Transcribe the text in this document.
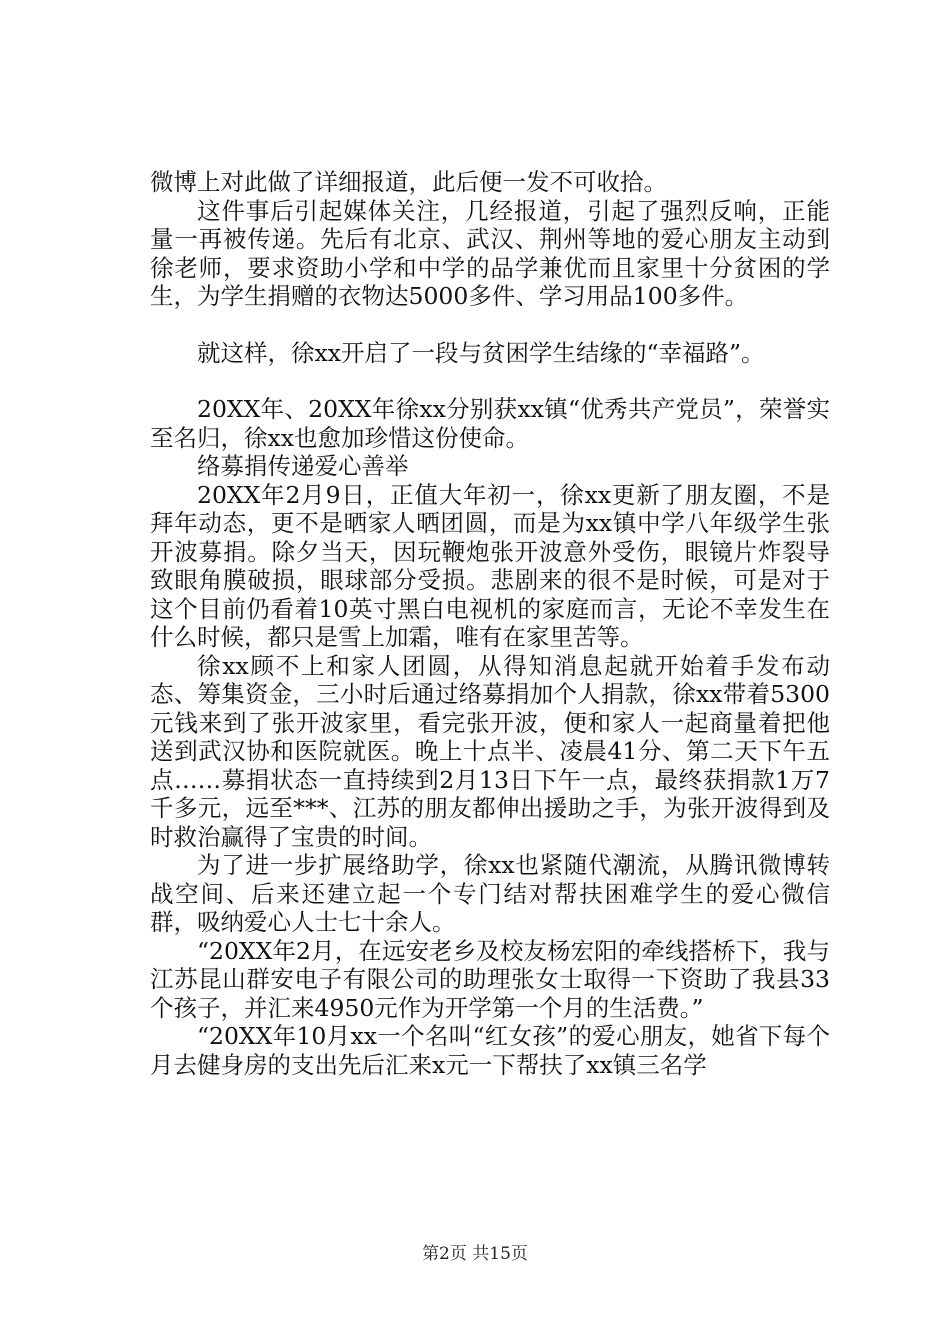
微博上对此做了详细报道，此后便一发不可收拾。

这件事后引起媒体关注，几经报道，引起了强烈反响，正能量一再被传递。先后有北京、武汉、荆州等地的爱心朋友主动到徐老师，要求资助小学和中学的品学兼优而且家里十分贫困的学生，为学生捐赠的衣物达5000多件、学习用品100多件。

就这样，徐xx开启了一段与贫困学生结缘的“幸福路”。

20XX年、20XX年徐xx分别获xx镇“优秀共产党员”，荣誉实至名归，徐xx也愈加珍惜这份使命。

络募捐传递爱心善举

20XX年2月9日，正值大年初一，徐xx更新了朋友圈，不是拜年动态，更不是晒家人晒团圆，而是为xx镇中学八年级学生张开波募捐。除夕当天，因玩鞭炮张开波意外受伤，眼镜片炸裂导致眼角膜破损，眼球部分受损。悲剧来的很不是时候，可是对于这个目前仍看着10英寸黑白电视机的家庭而言，无论不幸发生在什么时候，都只是雪上加霜，唯有在家里苦等。

徐xx顾不上和家人团圆，从得知消息起就开始着手发布动态、筹集资金，三小时后通过络募捐加个人捐款，徐xx带着5300元钱来到了张开波家里，看完张开波，便和家人一起商量着把他送到武汉协和医院就医。晚上十点半、凌晨41分、第二天下午五点……募捐状态一直持续到2月13日下午一点，最终获捐款1万7千多元，远至***、江苏的朋友都伸出援助之手，为张开波得到及时救治赢得了宝贵的时间。

为了进一步扩展络助学，徐xx也紧随代潮流，从腾讯微博转战空间、后来还建立起一个专门结对帮扶困难学生的爱心微信群，吸纳爱心人士七十余人。

“20XX年2月，在远安老乡及校友杨宏阳的牵线搭桥下，我与江苏昆山群安电子有限公司的助理张女士取得一下资助了我县33个孩子，并汇来4950元作为开学第一个月的生活费。”

“20XX年10月xx一个名叫“红女孩”的爱心朋友，她省下每个月去健身房的支出先后汇来x元一下帮扶了xx镇三名学

第2页 共15页
